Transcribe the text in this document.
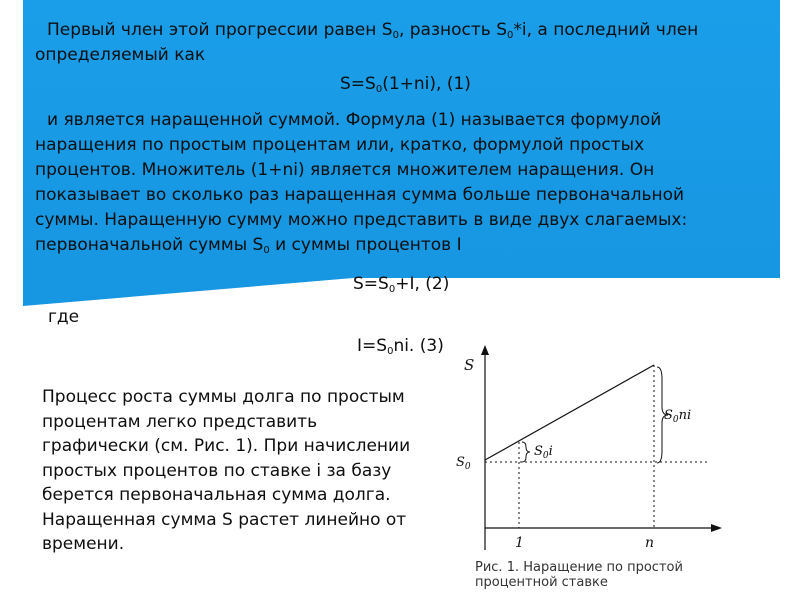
Первый член этой прогрессии равен $S_0$, разность $S_0*i$, а последний член
определяемый как
$S=S_0(1+ni)$, (1)
и является наращенной суммой. Формула (1) называется формулой
наращения по простым процентам или, кратко, формулой простых
процентов. Множитель (1+ni) является множителем наращения. Он
показывает во сколько раз наращенная сумма больше первоначальной
суммы. Наращенную сумму можно представить в виде двух слагаемых:
первоначальной суммы $S_0$ и суммы процентов I
$S=S_0+I$, (2)
где
$I=S_0ni$. (3)
Процесс роста суммы долга по простым
процентам легко представить
графически (см. Рис. 1). При начислении
простых процентов по ставке i за базу
берется первоначальная сумма долга.
Наращенная сумма S растет линейно от
времени.
S
$S_0$
$S_0i$
$S_0ni$
1	n
Рис. 1. Наращение по простой
процентной ставке
